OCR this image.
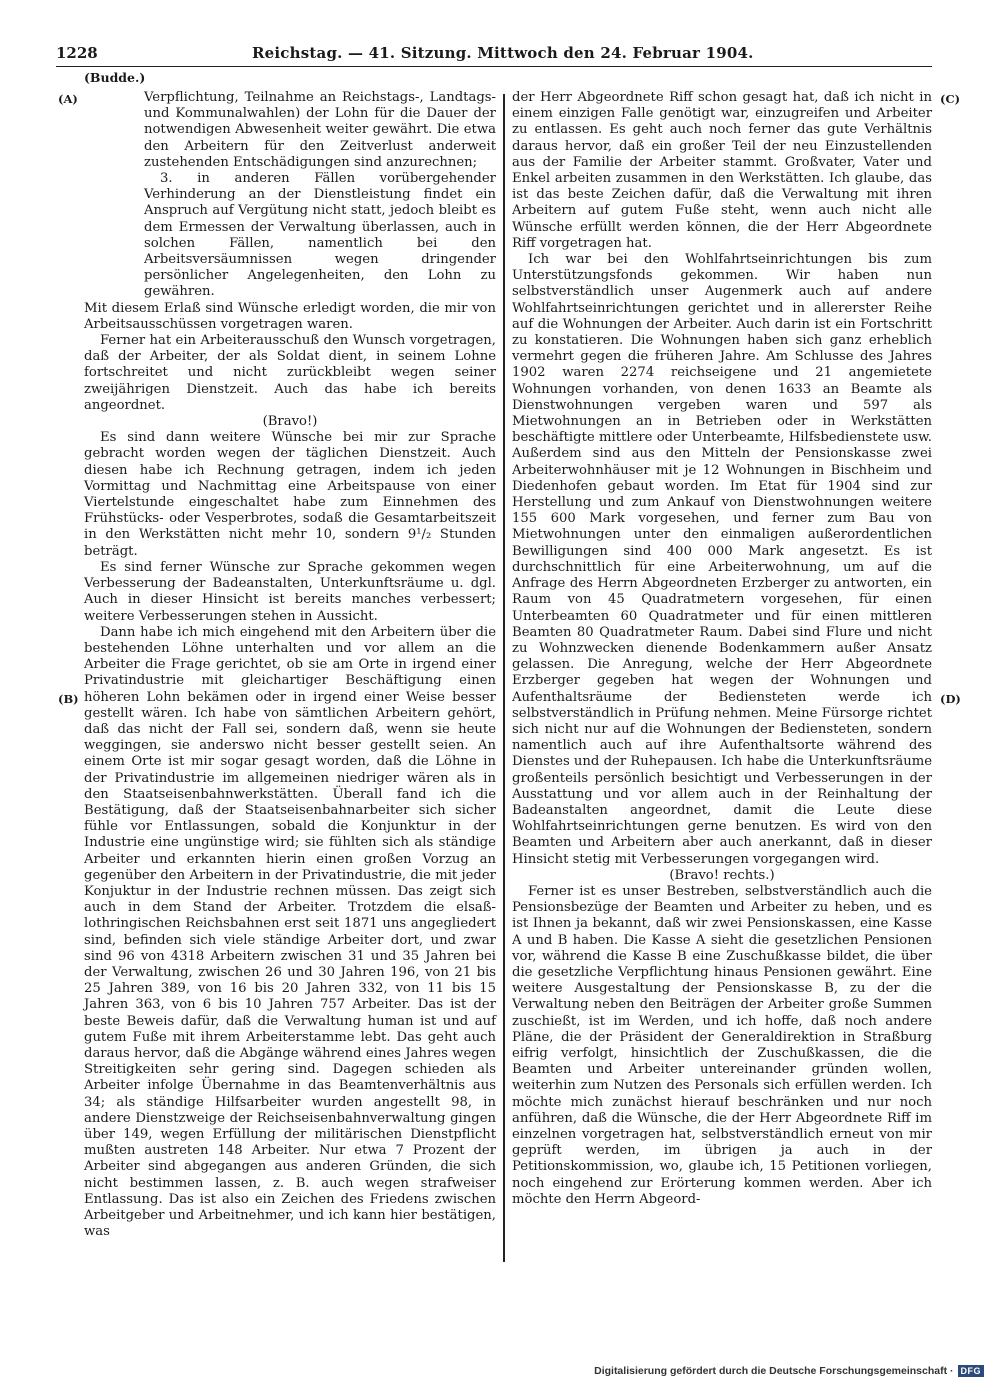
1228	Reichstag. — 41. Sitzung. Mittwoch den 24. Februar 1904.
(Budde.)
(A)
(B)
(C)
(D)

Verpflichtung, Teilnahme an Reichstags-, Landtags- und Kommunalwahlen) der Lohn für die Dauer der notwendigen Abwesenheit weiter gewährt. Die etwa den Arbeitern für den Zeitverlust anderweit zustehenden Entschädigungen sind anzurechnen;

3. in anderen Fällen vorübergehender Verhinderung an der Dienstleistung findet ein Anspruch auf Vergütung nicht statt, jedoch bleibt es dem Ermessen der Verwaltung überlassen, auch in solchen Fällen, namentlich bei den Arbeitsversäumnissen wegen dringender persönlicher Angelegenheiten, den Lohn zu gewähren.

Mit diesem Erlaß sind Wünsche erledigt worden, die mir von Arbeitsausschüssen vorgetragen waren.

Ferner hat ein Arbeiterausschuß den Wunsch vorgetragen, daß der Arbeiter, der als Soldat dient, in seinem Lohne fortschreitet und nicht zurückbleibt wegen seiner zweijährigen Dienstzeit. Auch das habe ich bereits angeordnet.

(Bravo!)

Es sind dann weitere Wünsche bei mir zur Sprache gebracht worden wegen der täglichen Dienstzeit. Auch diesen habe ich Rechnung getragen, indem ich jeden Vormittag und Nachmittag eine Arbeitspause von einer Viertelstunde eingeschaltet habe zum Einnehmen des Frühstücks- oder Vesperbrotes, sodaß die Gesamtarbeitszeit in den Werkstätten nicht mehr 10, sondern 9¹/₂ Stunden beträgt.

Es sind ferner Wünsche zur Sprache gekommen wegen Verbesserung der Badeanstalten, Unterkunftsräume u. dgl. Auch in dieser Hinsicht ist bereits manches verbessert; weitere Verbesserungen stehen in Aussicht.

Dann habe ich mich eingehend mit den Arbeitern über die bestehenden Löhne unterhalten und vor allem an die Arbeiter die Frage gerichtet, ob sie am Orte in irgend einer Privatindustrie mit gleichartiger Beschäftigung einen höheren Lohn bekämen oder in irgend einer Weise besser gestellt wären. Ich habe von sämtlichen Arbeitern gehört, daß das nicht der Fall sei, sondern daß, wenn sie heute weggingen, sie anderswo nicht besser gestellt seien. An einem Orte ist mir sogar gesagt worden, daß die Löhne in der Privatindustrie im allgemeinen niedriger wären als in den Staatseisenbahnwerkstätten. Überall fand ich die Bestätigung, daß der Staatseisenbahnarbeiter sich sicher fühle vor Entlassungen, sobald die Konjunktur in der Industrie eine ungünstige wird; sie fühlten sich als ständige Arbeiter und erkannten hierin einen großen Vorzug an gegenüber den Arbeitern in der Privatindustrie, die mit jeder Konjuktur in der Industrie rechnen müssen. Das zeigt sich auch in dem Stand der Arbeiter. Trotzdem die elsaß-lothringischen Reichsbahnen erst seit 1871 uns angegliedert sind, befinden sich viele ständige Arbeiter dort, und zwar sind 96 von 4318 Arbeitern zwischen 31 und 35 Jahren bei der Verwaltung, zwischen 26 und 30 Jahren 196, von 21 bis 25 Jahren 389, von 16 bis 20 Jahren 332, von 11 bis 15 Jahren 363, von 6 bis 10 Jahren 757 Arbeiter. Das ist der beste Beweis dafür, daß die Verwaltung human ist und auf gutem Fuße mit ihrem Arbeiterstamme lebt. Das geht auch daraus hervor, daß die Abgänge während eines Jahres wegen Streitigkeiten sehr gering sind. Dagegen schieden als Arbeiter infolge Übernahme in das Beamtenverhältnis aus 34; als ständige Hilfsarbeiter wurden angestellt 98, in andere Dienstzweige der Reichseisenbahnverwaltung gingen über 149, wegen Erfüllung der militärischen Dienstpflicht mußten austreten 148 Arbeiter. Nur etwa 7 Prozent der Arbeiter sind abgegangen aus anderen Gründen, die sich nicht bestimmen lassen, z. B. auch wegen strafweiser Entlassung. Das ist also ein Zeichen des Friedens zwischen Arbeitgeber und Arbeitnehmer, und ich kann hier bestätigen, was

der Herr Abgeordnete Riff schon gesagt hat, daß ich nicht in einem einzigen Falle genötigt war, einzugreifen und Arbeiter zu entlassen. Es geht auch noch ferner das gute Verhältnis daraus hervor, daß ein großer Teil der neu Einzustellenden aus der Familie der Arbeiter stammt. Großvater, Vater und Enkel arbeiten zusammen in den Werkstätten. Ich glaube, das ist das beste Zeichen dafür, daß die Verwaltung mit ihren Arbeitern auf gutem Fuße steht, wenn auch nicht alle Wünsche erfüllt werden können, die der Herr Abgeordnete Riff vorgetragen hat.

Ich war bei den Wohlfahrtseinrichtungen bis zum Unterstützungsfonds gekommen. Wir haben nun selbstverständlich unser Augenmerk auch auf andere Wohlfahrtseinrichtungen gerichtet und in allererster Reihe auf die Wohnungen der Arbeiter. Auch darin ist ein Fortschritt zu konstatieren. Die Wohnungen haben sich ganz erheblich vermehrt gegen die früheren Jahre. Am Schlusse des Jahres 1902 waren 2274 reichseigene und 21 angemietete Wohnungen vorhanden, von denen 1633 an Beamte als Dienstwohnungen vergeben waren und 597 als Mietwohnungen an in Betrieben oder in Werkstätten beschäftigte mittlere oder Unterbeamte, Hilfsbedienstete usw. Außerdem sind aus den Mitteln der Pensionskasse zwei Arbeiterwohnhäuser mit je 12 Wohnungen in Bischheim und Diedenhofen gebaut worden. Im Etat für 1904 sind zur Herstellung und zum Ankauf von Dienstwohnungen weitere 155 600 Mark vorgesehen, und ferner zum Bau von Mietwohnungen unter den einmaligen außerordentlichen Bewilligungen sind 400 000 Mark angesetzt. Es ist durchschnittlich für eine Arbeiterwohnung, um auf die Anfrage des Herrn Abgeordneten Erzberger zu antworten, ein Raum von 45 Quadratmetern vorgesehen, für einen Unterbeamten 60 Quadratmeter und für einen mittleren Beamten 80 Quadratmeter Raum. Dabei sind Flure und nicht zu Wohnzwecken dienende Bodenkammern außer Ansatz gelassen. Die Anregung, welche der Herr Abgeordnete Erzberger gegeben hat wegen der Wohnungen und Aufenthaltsräume der Bediensteten werde ich selbstverständlich in Prüfung nehmen. Meine Fürsorge richtet sich nicht nur auf die Wohnungen der Bediensteten, sondern namentlich auch auf ihre Aufenthaltsorte während des Dienstes und der Ruhepausen. Ich habe die Unterkunftsräume großenteils persönlich besichtigt und Verbesserungen in der Ausstattung und vor allem auch in der Reinhaltung der Badeanstalten angeordnet, damit die Leute diese Wohlfahrtseinrichtungen gerne benutzen. Es wird von den Beamten und Arbeitern aber auch anerkannt, daß in dieser Hinsicht stetig mit Verbesserungen vorgegangen wird.

(Bravo! rechts.)

Ferner ist es unser Bestreben, selbstverständlich auch die Pensionsbezüge der Beamten und Arbeiter zu heben, und es ist Ihnen ja bekannt, daß wir zwei Pensionskassen, eine Kasse A und B haben. Die Kasse A sieht die gesetzlichen Pensionen vor, während die Kasse B eine Zuschußkasse bildet, die über die gesetzliche Verpflichtung hinaus Pensionen gewährt. Eine weitere Ausgestaltung der Pensionskasse B, zu der die Verwaltung neben den Beiträgen der Arbeiter große Summen zuschießt, ist im Werden, und ich hoffe, daß noch andere Pläne, die der Präsident der Generaldirektion in Straßburg eifrig verfolgt, hinsichtlich der Zuschußkassen, die die Beamten und Arbeiter untereinander gründen wollen, weiterhin zum Nutzen des Personals sich erfüllen werden. Ich möchte mich zunächst hierauf beschränken und nur noch anführen, daß die Wünsche, die der Herr Abgeordnete Riff im einzelnen vorgetragen hat, selbstverständlich erneut von mir geprüft werden, im übrigen ja auch in der Petitionskommission, wo, glaube ich, 15 Petitionen vorliegen, noch eingehend zur Erörterung kommen werden. Aber ich möchte den Herrn Abgeord-

Digitalisierung gefördert durch die Deutsche Forschungsgemeinschaft · DFG
